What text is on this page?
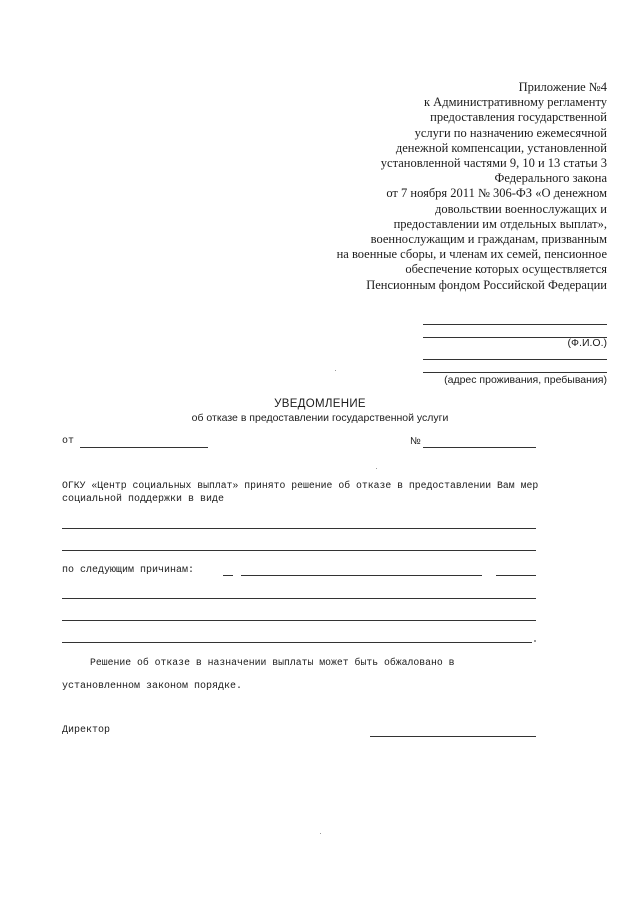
Приложение №4
к Административному регламенту
предоставления государственной
услуги по назначению ежемесячной
денежной компенсации, установленной
установленной частями 9, 10 и 13 статьи 3
Федерального закона
от 7 ноября 2011 № 306-ФЗ «О денежном
довольствии военнослужащих и
предоставлении им отдельных выплат»,
военнослужащим и гражданам, призванным
на военные сборы, и членам их семей, пенсионное
обеспечение которых осуществляется
Пенсионным фондом Российской Федерации
(Ф.И.О.)
(адрес проживания, пребывания)
УВЕДОМЛЕНИЕ
об отказе в предоставлении государственной услуги
от	№
ОГКУ «Центр социальных выплат» принято решение об отказе в предоставлении Вам мер
социальной поддержки в виде
по следующим причинам:
Решение об отказе в назначении выплаты может быть обжаловано в
установленном законом порядке.
Директор
